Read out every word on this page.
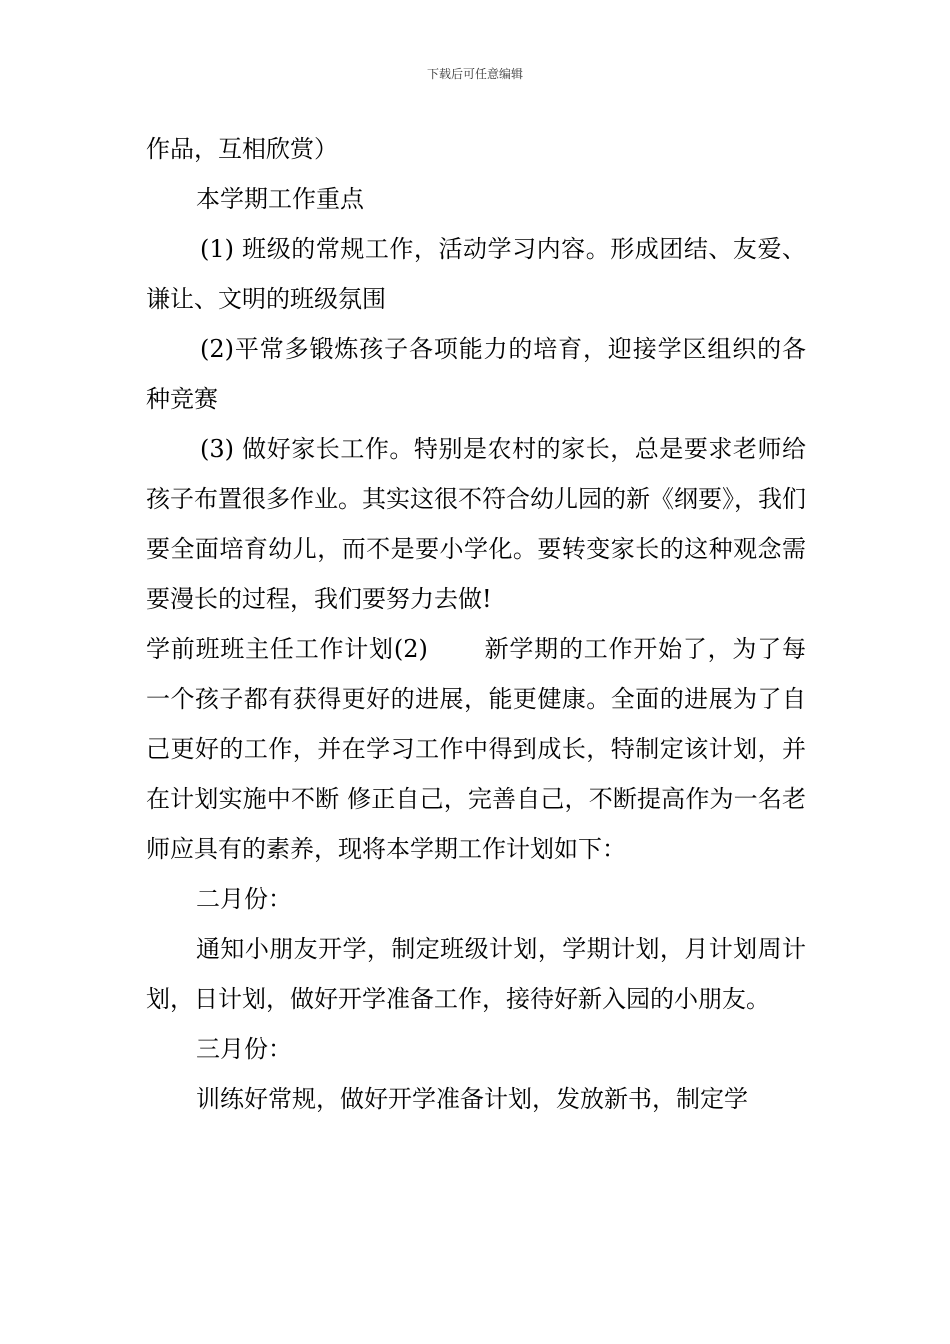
下载后可任意编辑

作品，互相欣赏）

本学期工作重点

(1) 班级的常规工作，活动学习内容。形成团结、友爱、谦让、文明的班级氛围

(2)平常多锻炼孩子各项能力的培育，迎接学区组织的各种竞赛

(3) 做好家长工作。特别是农村的家长，总是要求老师给孩子布置很多作业。其实这很不符合幼儿园的新《纲要》，我们要全面培育幼儿，而不是要小学化。要转变家长的这种观念需要漫长的过程，我们要努力去做!

学前班班主任工作计划(2) 新学期的工作开始了，为了每一个孩子都有获得更好的进展，能更健康。全面的进展为了自己更好的工作，并在学习工作中得到成长，特制定该计划，并在计划实施中不断 修正自己，完善自己，不断提高作为一名老师应具有的素养，现将本学期工作计划如下：

二月份：

通知小朋友开学，制定班级计划，学期计划，月计划周计划，日计划，做好开学准备工作，接待好新入园的小朋友。

三月份：

训练好常规，做好开学准备计划，发放新书，制定学
